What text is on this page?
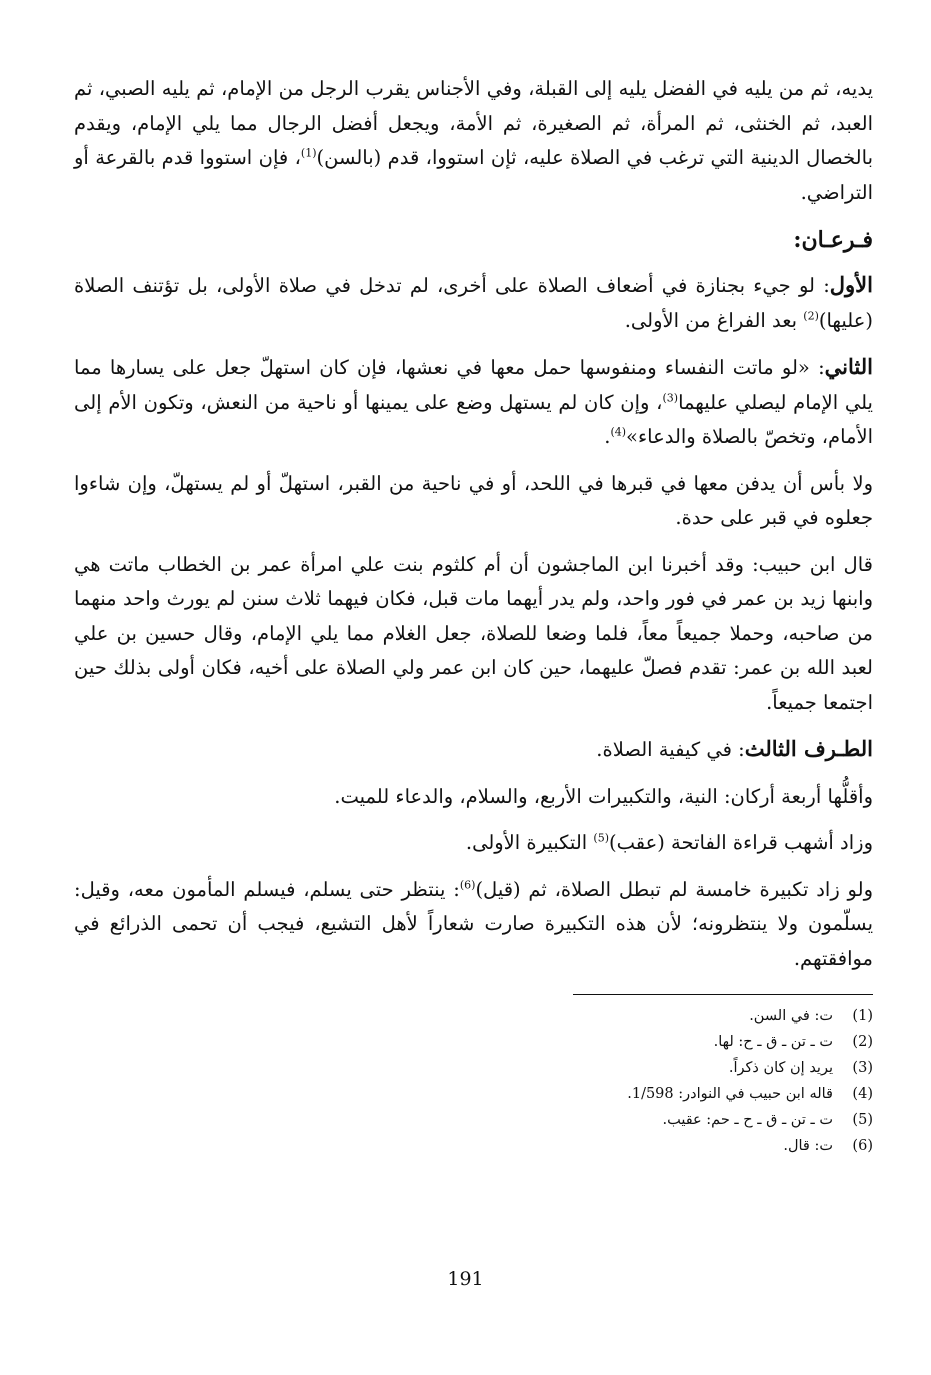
يديه، ثم من يليه في الفضل يليه إلى القبلة، وفي الأجناس يقرب الرجل من الإمام، ثم يليه الصبي، ثم العبد، ثم الخنثى، ثم المرأة، ثم الصغيرة، ثم الأمة، ويجعل أفضل الرجال مما يلي الإمام، ويقدم بالخصال الدينية التي ترغب في الصلاة عليه، ثإن استووا، قدم (بالسن)$^{(1)}$، فإن استووا قدم بالقرعة أو التراضي.

فـرعـان:

الأول: لو جيء بجنازة في أضعاف الصلاة على أخرى، لم تدخل في صلاة الأولى، بل تؤتنف الصلاة (عليها)$^{(2)}$ بعد الفراغ من الأولى.

الثاني: «لو ماتت النفساء ومنفوسها حمل معها في نعشها، فإن كان استهلّ جعل على يسارها مما يلي الإمام ليصلي عليهما$^{(3)}$، وإن كان لم يستهل وضع على يمينها أو ناحية من النعش، وتكون الأم إلى الأمام، وتخصّ بالصلاة والدعاء»$^{(4)}$.

ولا بأس أن يدفن معها في قبرها في اللحد، أو في ناحية من القبر، استهلّ أو لم يستهلّ، وإن شاءوا جعلوه في قبر على حدة.

قال ابن حبيب: وقد أخبرنا ابن الماجشون أن أم كلثوم بنت علي امرأة عمر بن الخطاب ماتت هي وابنها زيد بن عمر في فور واحد، ولم يدر أيهما مات قبل، فكان فيهما ثلاث سنن لم يورث واحد منهما من صاحبه، وحملا جميعاً معاً، فلما وضعا للصلاة، جعل الغلام مما يلي الإمام، وقال حسين بن علي لعبد الله بن عمر: تقدم فصلّ عليهما، حين كان ابن عمر ولي الصلاة على أخيه، فكان أولى بذلك حين اجتمعا جميعاً.

الطـرف الثالث: في كيفية الصلاة.

وأقلُّها أربعة أركان: النية، والتكبيرات الأربع، والسلام، والدعاء للميت.

وزاد أشهب قراءة الفاتحة (عقب)$^{(5)}$ التكبيرة الأولى.

ولو زاد تكبيرة خامسة لم تبطل الصلاة، ثم (قيل)$^{(6)}$: ينتظر حتى يسلم، فيسلم المأمون معه، وقيل: يسلّمون ولا ينتظرونه؛ لأن هذه التكبيرة صارت شعاراً لأهل التشيع، فيجب أن تحمى الذرائع في موافقتهم.

(1)
ت: في السن.
(2)
ت ـ تن ـ ق ـ ح: لها.
(3)
يريد إن كان ذكراً.
(4)
قاله ابن حبيب في النوادر: 1/598.
(5)
ت ـ تن ـ ق ـ ح ـ حم: عقيب.
(6)
ت: قال.
191
